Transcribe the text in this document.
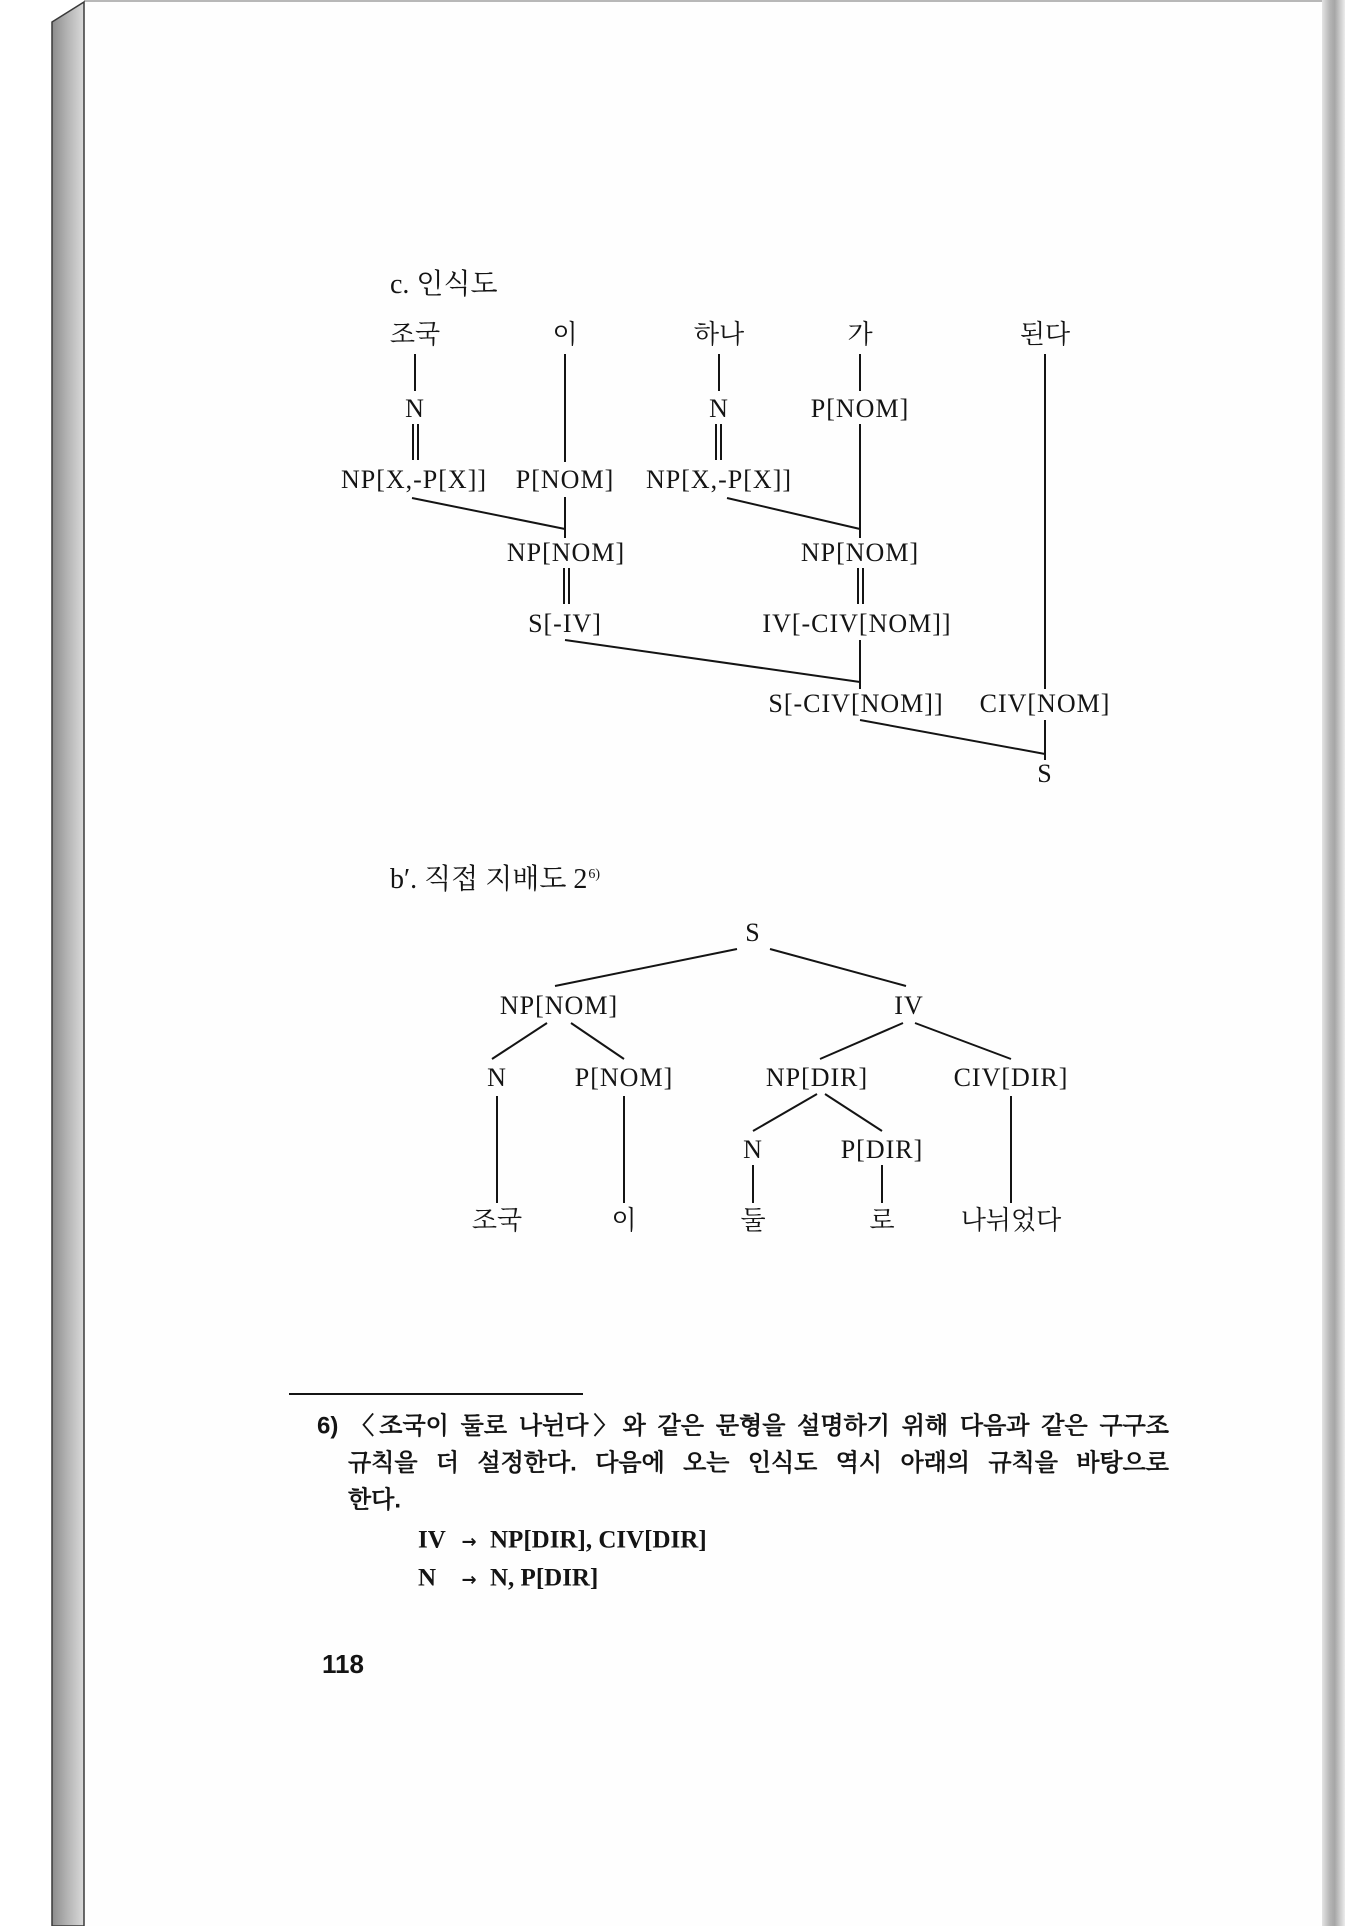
c. 인식도
조국	이	하나	가	된다
N	N	P[NOM]
NP[X,-P[X]] P[NOM] NP[X,-P[X]]
NP[NOM]	NP[NOM]
S[-IV]	IV[-CIV[NOM]]
S[-CIV[NOM]] CIV[NOM]
S
b′. 직접 지배도 2$^{6)}$
S
NP[NOM]	IV
N	P[NOM]	NP[DIR]	CIV[DIR]
N	P[DIR]
조국	이	둘	로	나뉘었다
6) 〈조국이 둘로 나뉜다〉와 같은 문형을 설명하기 위해 다음과 같은 구구조
규칙을 더 설정한다. 다음에 오는 인식도 역시 아래의 규칙을 바탕으로
한다.
IV → NP[DIR], CIV[DIR]
N → N, P[DIR]
118
